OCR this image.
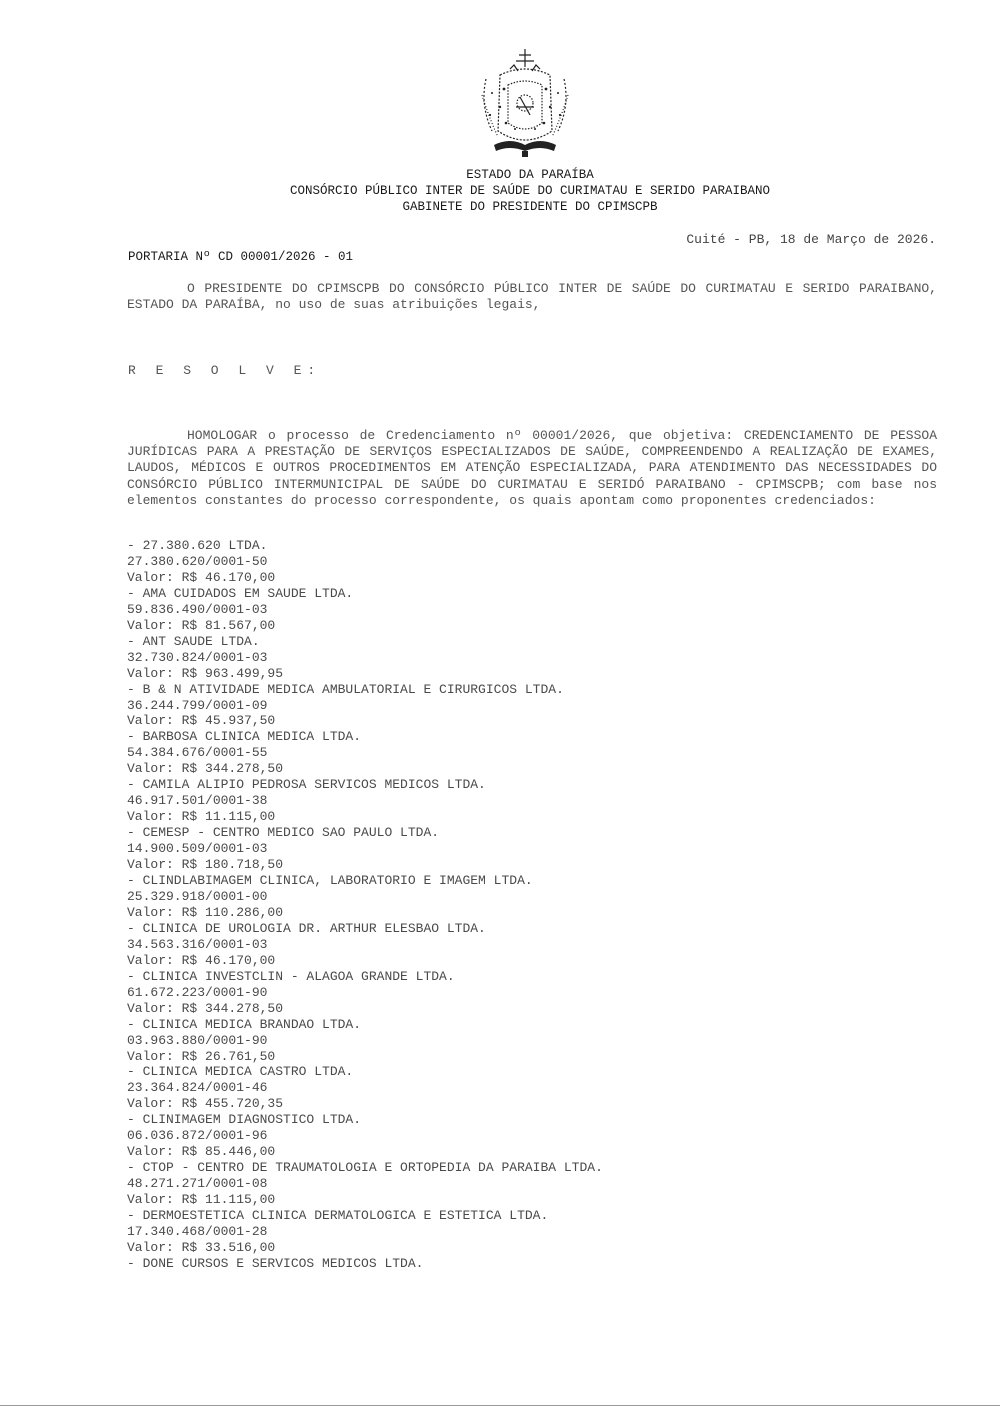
ESTADO DA PARAÍBA
CONSÓRCIO PÚBLICO INTER DE SAÚDE DO CURIMATAU E SERIDO PARAIBANO
GABINETE DO PRESIDENTE DO CPIMSCPB
Cuité - PB, 18 de Março de 2026.
PORTARIA Nº CD 00001/2026 - 01
O PRESIDENTE DO CPIMSCPB DO CONSÓRCIO PÚBLICO INTER DE SAÚDE DO CURIMATAU E SERIDO PARAIBANO, ESTADO DA PARAÍBA, no uso de suas atribuições legais,
R E S O L V E:
HOMOLOGAR o processo de Credenciamento nº 00001/2026, que objetiva: CREDENCIAMENTO DE PESSOA JURÍDICAS PARA A PRESTAÇÃO DE SERVIÇOS ESPECIALIZADOS DE SAÚDE, COMPREENDENDO A REALIZAÇÃO DE EXAMES, LAUDOS, MÉDICOS E OUTROS PROCEDIMENTOS EM ATENÇÃO ESPECIALIZADA, PARA ATENDIMENTO DAS NECESSIDADES DO CONSÓRCIO PÚBLICO INTERMUNICIPAL DE SAÚDE DO CURIMATAU E SERIDÓ PARAIBANO - CPIMSCPB; com base nos elementos constantes do processo correspondente, os quais apontam como proponentes credenciados:
- 27.380.620 LTDA.
27.380.620/0001-50
Valor: R$ 46.170,00
- AMA CUIDADOS EM SAUDE LTDA.
59.836.490/0001-03
Valor: R$ 81.567,00
- ANT SAUDE LTDA.
32.730.824/0001-03
Valor: R$ 963.499,95
- B & N ATIVIDADE MEDICA AMBULATORIAL E CIRURGICOS LTDA.
36.244.799/0001-09
Valor: R$ 45.937,50
- BARBOSA CLINICA MEDICA LTDA.
54.384.676/0001-55
Valor: R$ 344.278,50
- CAMILA ALIPIO PEDROSA SERVICOS MEDICOS LTDA.
46.917.501/0001-38
Valor: R$ 11.115,00
- CEMESP - CENTRO MEDICO SAO PAULO LTDA.
14.900.509/0001-03
Valor: R$ 180.718,50
- CLINDLABIMAGEM CLINICA, LABORATORIO E IMAGEM LTDA.
25.329.918/0001-00
Valor: R$ 110.286,00
- CLINICA DE UROLOGIA DR. ARTHUR ELESBAO LTDA.
34.563.316/0001-03
Valor: R$ 46.170,00
- CLINICA INVESTCLIN - ALAGOA GRANDE LTDA.
61.672.223/0001-90
Valor: R$ 344.278,50
- CLINICA MEDICA BRANDAO LTDA.
03.963.880/0001-90
Valor: R$ 26.761,50
- CLINICA MEDICA CASTRO LTDA.
23.364.824/0001-46
Valor: R$ 455.720,35
- CLINIMAGEM DIAGNOSTICO LTDA.
06.036.872/0001-96
Valor: R$ 85.446,00
- CTOP - CENTRO DE TRAUMATOLOGIA E ORTOPEDIA DA PARAIBA LTDA.
48.271.271/0001-08
Valor: R$ 11.115,00
- DERMOESTETICA CLINICA DERMATOLOGICA E ESTETICA LTDA.
17.340.468/0001-28
Valor: R$ 33.516,00
- DONE CURSOS E SERVICOS MEDICOS LTDA.
